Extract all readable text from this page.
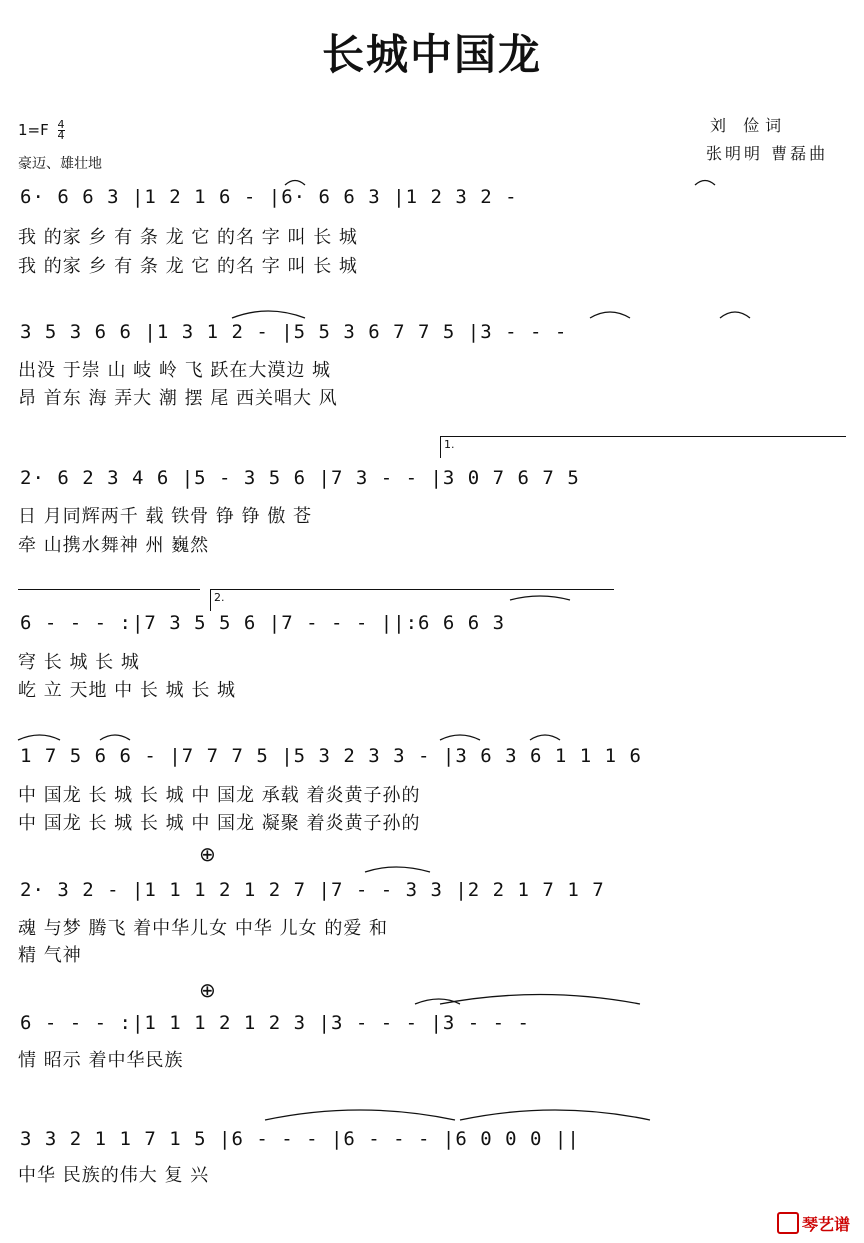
长城中国龙
$1=F \frac{4}{4}$
豪迈、雄壮地
刘 俭词
张明明 曹磊曲
6· 6 6 3 |1 2 1 6 - |6· 6 6 3 |1 2 3 2 -
我 的家 乡 有 条 龙 它 的名 字 叫 长 城
我 的家 乡 有 条 龙 它 的名 字 叫 长 城
3 5 3 6 6 |1 3 1 2 - |5 5 3 6 7 7 5 |3 - - -
出没 于崇 山 岐 岭 飞 跃在大漠边 城
昂 首东 海 弄大 潮 摆 尾 西关唱大 风
1.
2· 6 2 3 4 6 |5 - 3 5 6 |7 3 - - |3 0 7 6 7 5
日 月同辉两千 载 铁骨 铮 铮 傲 苍
牵 山携水舞神 州 巍然
2.
6 - - - :|7 3 5 5 6 |7 - - - ||:6 6 6 3
穹 长 城 长 城
屹 立 天地 中 长 城 长 城
1 7 5 6 6 - |7 7 7 5 |5 3 2 3 3 - |3 6 3 6 1 1 1 6
中 国龙 长 城 长 城 中 国龙 承载 着炎黄子孙的
中 国龙 长 城 长 城 中 国龙 凝聚 着炎黄子孙的
⊕
2· 3 2 - |1 1 1 2 1 2 7 |7 - - 3 3 |2 2 1 7 1 7
魂 与梦 腾飞 着中华儿女 中华 儿女 的爱 和
精 气神
⊕
6 - - - :|1 1 1 2 1 2 3 |3 - - - |3 - - -
情 昭示 着中华民族
3 3 2 1 1 7 1 5 |6 - - - |6 - - - |6 0 0 0 ||
中华 民族的伟大 复 兴
琴艺谱
